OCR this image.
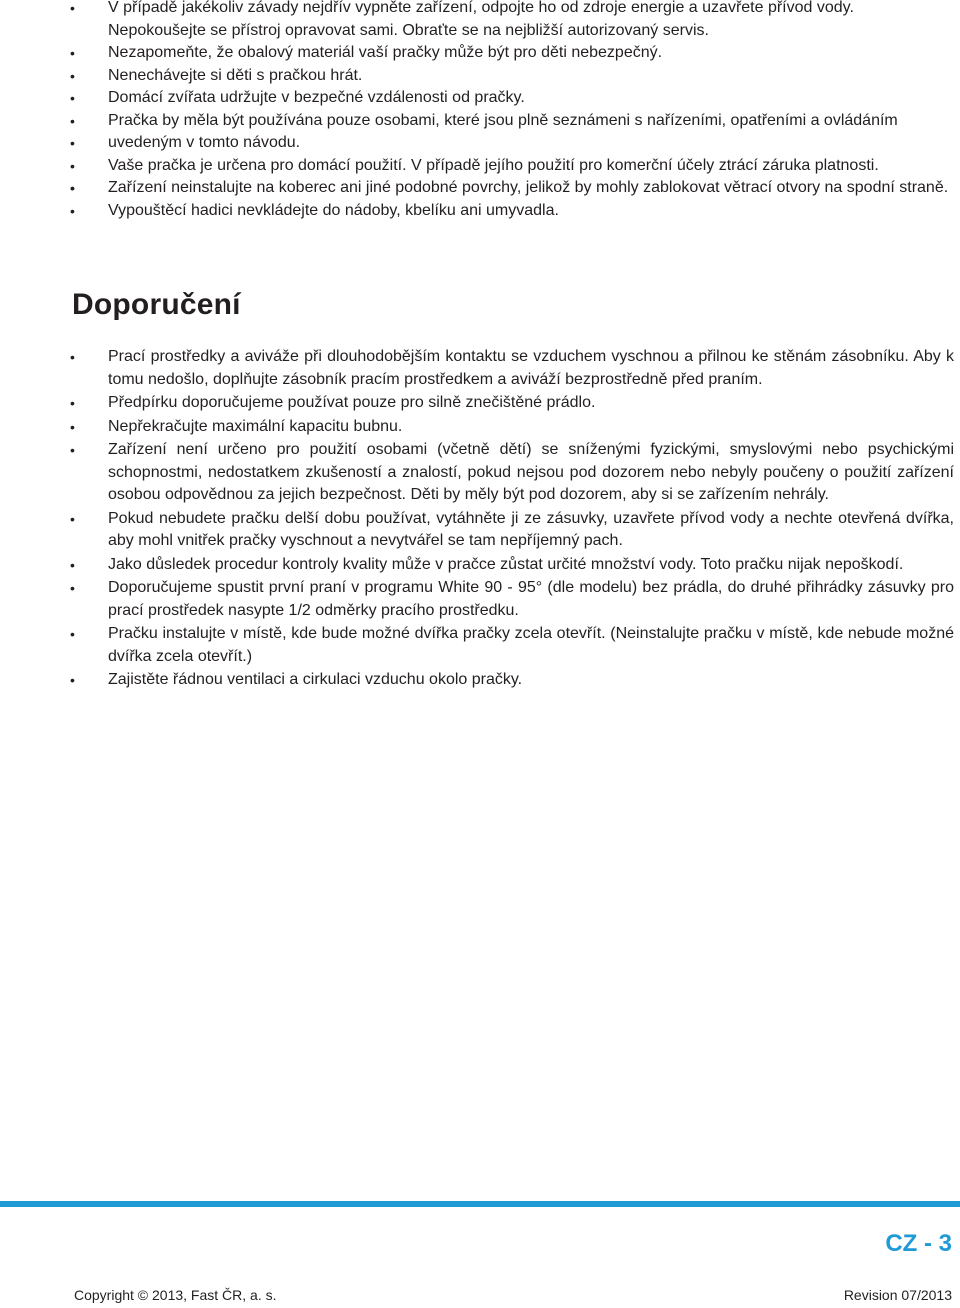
• V případě jakékoliv závady nejdřív vypněte zařízení, odpojte ho od zdroje energie a uzavřete přívod vody. Nepokoušejte se přístroj opravovat sami. Obraťte se na nejbližší autorizovaný servis.
• Nezapomeňte, že obalový materiál vaší pračky může být pro děti nebezpečný.
• Nenechávejte si děti s pračkou hrát.
• Domácí zvířata udržujte v bezpečné vzdálenosti od pračky.
• Pračka by měla být používána pouze osobami, které jsou plně seznámeni s nařízeními, opatřeními a ovládáním uvedeným v tomto návodu.
•
• Vaše pračka je určena pro domácí použití. V případě jejího použití pro komerční účely ztrácí záruka platnosti.
•
• Zařízení neinstalujte na koberec ani jiné podobné povrchy, jelikož by mohly zablokovat větrací otvory na spodní straně.
• Vypouštěcí hadici nevkládejte do nádoby, kbelíku ani umyvadla.
Doporučení
• Prací prostředky a aviváže při dlouhodobějším kontaktu se vzduchem vyschnou a přilnou ke stěnám zásobníku. Aby k tomu nedošlo, doplňujte zásobník pracím prostředkem a aviváží bezprostředně před praním.
• Předpírku doporučujeme používat pouze pro silně znečištěné prádlo.
• Nepřekračujte maximální kapacitu bubnu.
• Zařízení není určeno pro použití osobami (včetně dětí) se sníženými fyzickými, smyslovými nebo psychickými schopnostmi, nedostatkem zkušeností a znalostí, pokud nejsou pod dozorem nebo nebyly poučeny o použití zařízení osobou odpovědnou za jejich bezpečnost. Děti by měly být pod dozorem, aby si se zařízením nehrály.
• Pokud nebudete pračku delší dobu používat, vytáhněte ji ze zásuvky, uzavřete přívod vody a nechte otevřená dvířka, aby mohl vnitřek pračky vyschnout a nevytvářel se tam nepříjemný pach.
• Jako důsledek procedur kontroly kvality může v pračce zůstat určité množství vody. Toto pračku nijak nepoškodí.
• Doporučujeme spustit první praní v programu White 90 - 95° (dle modelu) bez prádla, do druhé přihrádky zásuvky pro prací prostředek nasypte 1/2 odměrky pracího prostředku.
• Pračku instalujte v místě, kde bude možné dvířka pračky zcela otevřít. (Neinstalujte pračku v místě, kde nebude možné dvířka zcela otevřít.)
• Zajistěte řádnou ventilaci a cirkulaci vzduchu okolo pračky.
CZ - 3
Copyright © 2013, Fast ČR, a. s.	Revision 07/2013
